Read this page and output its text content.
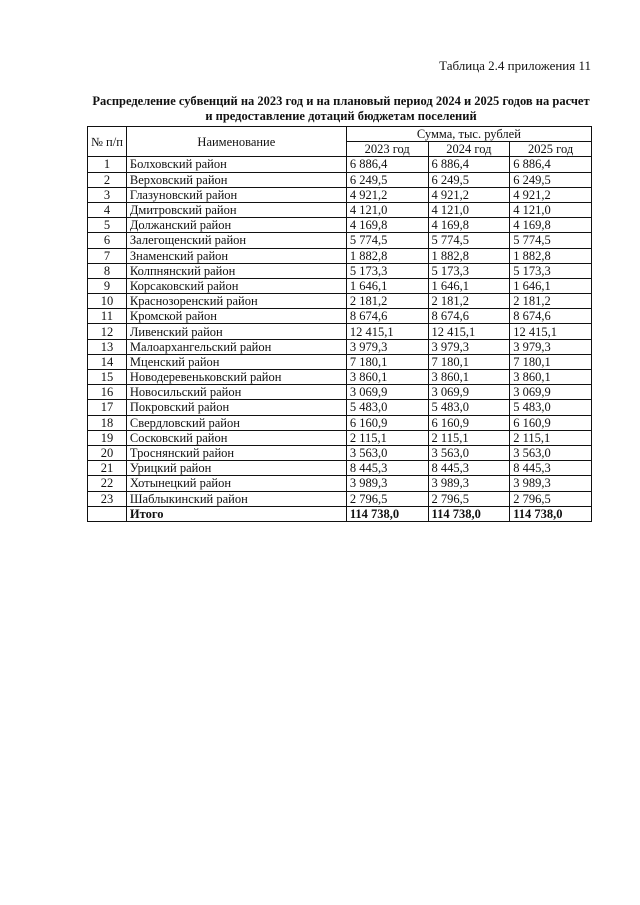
Таблица 2.4 приложения 11
Распределение субвенций на 2023 год и на плановый период 2024 и 2025 годов на расчет и предоставление дотаций бюджетам поселений
№ п/п	Наименование	Сумма, тыс. рублей		
		2023 год	2024 год	2025 год
1	Болховский район	6 886,4	6 886,4	6 886,4
2	Верховский район	6 249,5	6 249,5	6 249,5
3	Глазуновский район	4 921,2	4 921,2	4 921,2
4	Дмитровский район	4 121,0	4 121,0	4 121,0
5	Должанский район	4 169,8	4 169,8	4 169,8
6	Залегощенский район	5 774,5	5 774,5	5 774,5
7	Знаменский район	1 882,8	1 882,8	1 882,8
8	Колпнянский район	5 173,3	5 173,3	5 173,3
9	Корсаковский район	1 646,1	1 646,1	1 646,1
10	Краснозоренский район	2 181,2	2 181,2	2 181,2
11	Кромской район	8 674,6	8 674,6	8 674,6
12	Ливенский район	12 415,1	12 415,1	12 415,1
13	Малоархангельский район	3 979,3	3 979,3	3 979,3
14	Мценский район	7 180,1	7 180,1	7 180,1
15	Новодеревеньковский район	3 860,1	3 860,1	3 860,1
16	Новосильский район	3 069,9	3 069,9	3 069,9
17	Покровский район	5 483,0	5 483,0	5 483,0
18	Свердловский район	6 160,9	6 160,9	6 160,9
19	Сосковский район	2 115,1	2 115,1	2 115,1
20	Троснянский район	3 563,0	3 563,0	3 563,0
21	Урицкий район	8 445,3	8 445,3	8 445,3
22	Хотынецкий район	3 989,3	3 989,3	3 989,3
23	Шаблыкинский район	2 796,5	2 796,5	2 796,5
	Итого	114 738,0	114 738,0	114 738,0
